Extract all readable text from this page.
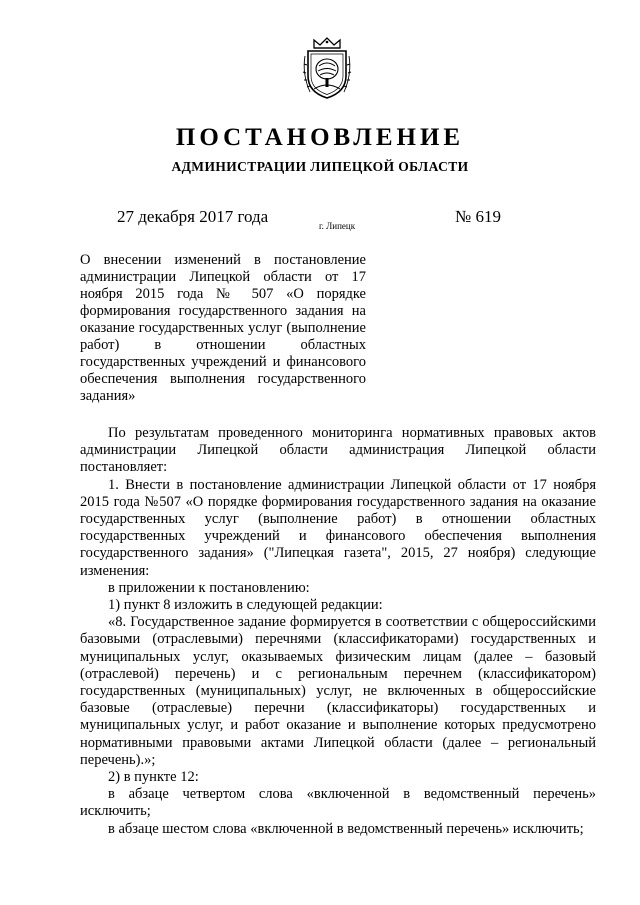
ПОСТАНОВЛЕНИЕ
АДМИНИСТРАЦИИ ЛИПЕЦКОЙ ОБЛАСТИ
27 декабря 2017 года	г. Липецк	№ 619
О внесении изменений в постановление администрации Липецкой области от 17 ноября 2015 года № 507 «О порядке формирования государственного задания на оказание государственных услуг (выполнение работ) в отношении областных государственных учреждений и финансового обеспечения выполнения государственного задания»

По результатам проведенного мониторинга нормативных правовых актов администрации Липецкой области администрация Липецкой области постановляет:

1. Внести в постановление администрации Липецкой области от 17 ноября 2015 года №507 «О порядке формирования государственного задания на оказание государственных услуг (выполнение работ) в отношении областных государственных учреждений и финансового обеспечения выполнения государственного задания» ("Липецкая газета", 2015, 27 ноября) следующие изменения:

в приложении к постановлению:

1) пункт 8 изложить в следующей редакции:

«8. Государственное задание формируется в соответствии с общероссийскими базовыми (отраслевыми) перечнями (классификаторами) государственных и муниципальных услуг, оказываемых физическим лицам (далее – базовый (отраслевой) перечень) и с региональным перечнем (классификатором) государственных (муниципальных) услуг, не включенных в общероссийские базовые (отраслевые) перечни (классификаторы) государственных и муниципальных услуг, и работ оказание и выполнение которых предусмотрено нормативными правовыми актами Липецкой области (далее – региональный перечень).»;

2) в пункте 12:

в абзаце четвертом слова «включенной в ведомственный перечень» исключить;

в абзаце шестом слова «включенной в ведомственный перечень» исключить;
